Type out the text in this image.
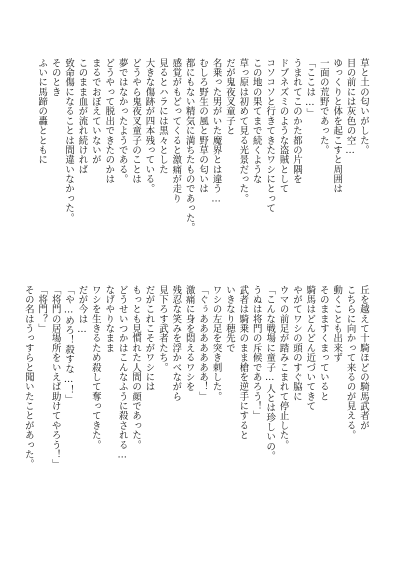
草と土の匂いがした。
目の前には灰色の空…
ゆっくりと体を起こすと周囲は
一面の荒野であった。
「ここは…」
うまれてこのかた都の片隅を
ドブネズミのような盗賊として
コソコソと行きてきたワシにとって
この地の果てまで続くような
草っ原は初めて見る光景だった。
だが鬼夜叉童子と
名乗った男がいた魔界とは違う…
むしろ野生の風と野草の匂いは
都にもない精気に満ちたものであった。
感覚がもどってくると激痛が走り
見るとハラには黒々とした
大きな傷跡が四本残っている。
どうやら鬼夜叉童子のことは
夢ではなかったようである。
どうやって脱出できたのかは
まるでおぼえていないが
このまま血が流れ続ければ
致命傷になることは間違いなかった。
そのとき
ふいに馬蹄の轟とともに
丘を越えて十騎ほどの騎馬武者が
こちらに向かって来るのが見える。
動くことも出来ず
そのまますくまっていると
騎馬はどんどん近づいてきて
やがてワシの頭のすぐ脇に
ウマの前足が踏みこまれて停止した。
「こんな戦場に童子…人とは珍しいの。
うぬは将門の斥候であろう！」
武者は騎乗のまま槍を逆手にすると
いきなり穂先で
ワシの左足を突き刺した。
「ぐぅあああああああ！」
激痛に身を悶えるワシを
残忍な笑みを浮かべながら
見下ろす武者たち。
だがこれこそがワシには
もっとも見慣れた人間の顔であった。
どうせいつかはこんなふうに殺される…
なげやりなまま
ワシを生きるため殺して奪ってきた。
だが今は…
「や…めろ！殺すな…！」
「将門の居場所をいえば助けてやろう！」
「将門？」
その名はうっすらと聞いたことがあった。
